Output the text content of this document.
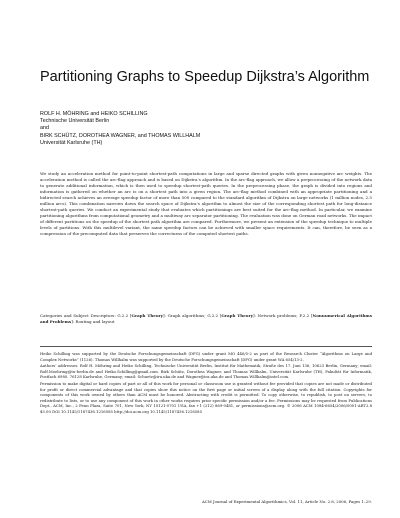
Partitioning Graphs to Speedup Dijkstra’s Algorithm
ROLF H. MÖHRING and HEIKO SCHILLING
Technische Universität Berlin
and
BIRK SCHÜTZ, DOROTHEA WAGNER, and THOMAS WILLHALM
Universität Karlsruhe (TH)

We study an acceleration method for point-to-point shortest-path computations in large and sparse directed graphs with given nonnegative arc weights. The acceleration method is called the arc-flag approach and is based on Dijkstra’s algorithm. In the arc-flag approach, we allow a preprocessing of the network data to generate additional information, which is then used to speedup shortest-path queries. In the preprocessing phase, the graph is divided into regions and information is gathered on whether an arc is on a shortest path into a given region. The arc-flag method combined with an appropriate partitioning and a bidirected search achieves an average speedup factor of more than 500 compared to the standard algorithm of Dijkstra on large networks (1 million nodes, 2.5 million arcs). This combination narrows down the search space of Dijkstra’s algorithm to almost the size of the corresponding shortest path for long-distance shortest-path queries. We conduct an experimental study that evaluates which partitionings are best suited for the arc-flag method. In particular, we examine partitioning algorithms from computational geometry and a multiway arc separator partitioning. The evaluation was done on German road networks. The impact of different partitions on the speedup of the shortest path algorithm are compared. Furthermore, we present an extension of the speedup technique to multiple levels of partitions. With this multilevel variant, the same speedup factors can be achieved with smaller space requirements. It can, therefore, be seen as a compression of the precomputed data that preserves the correctness of the computed shortest paths.

Categories and Subject Descriptors: G.2.2 [Graph Theory]: Graph algorithms; G.2.2 [Graph Theory]: Network problems; F.2.2 [Nonnumerical Algorithms and Problems]: Routing and layout

Heiko Schilling was supported by the Deutsche Forschungsgemeinschaft (DFG) under grant MO 446/5-2 as part of the Research Cluster “Algorithms on Large and Complex Networks” (1126). Thomas Willhalm was supported by the Deutsche Forschungsgemeinschaft (DFG) under grant WA 654/13-2.

Authors’ addresses: Rolf H. Möhring and Heiko Schilling, Technische Universität Berlin, Institut für Mathematik, Straße des 17. Juni 136, 10623 Berlin, Germany; email: Rolf.Moehring@tu-berlin.de and Heiko.Schilling@gmail.com. Birk Schütz, Dorothea Wagner, and Thomas Willhalm, Universität Karlsruhe (TH), Fakultät für Informatik, Postfach 6980, 76128 Karlsruhe, Germany; email: Schuetz@ira.uka.de and Wagner@ira.uka.de and Thomas.Willhalm@intel.com.

Permission to make digital or hard copies of part or all of this work for personal or classroom use is granted without fee provided that copies are not made or distributed for profit or direct commercial advantage and that copies show this notice on the first page or initial screen of a display along with the full citation. Copyrights for components of this work owned by others than ACM must be honored. Abstracting with credit is permitted. To copy otherwise, to republish, to post on servers, to redistribute to lists, or to use any component of this work in other works requires prior specific permission and/or a fee. Permissions may be requested from Publications Dept., ACM, Inc., 2 Penn Plaza, Suite 701, New York, NY 10121-0701 USA, fax +1 (212) 869-0481, or permissions@acm.org. © 2006 ACM 1084-6654/2006/0001-ART2.8 $5.00 DOI 10.1145/1187436.1216585 http://doi.acm.org 10.1145/1187436.1216585

ACM Journal of Experimental Algorithmics, Vol. 11, Article No. 2.8, 2006, Pages 1–29.
